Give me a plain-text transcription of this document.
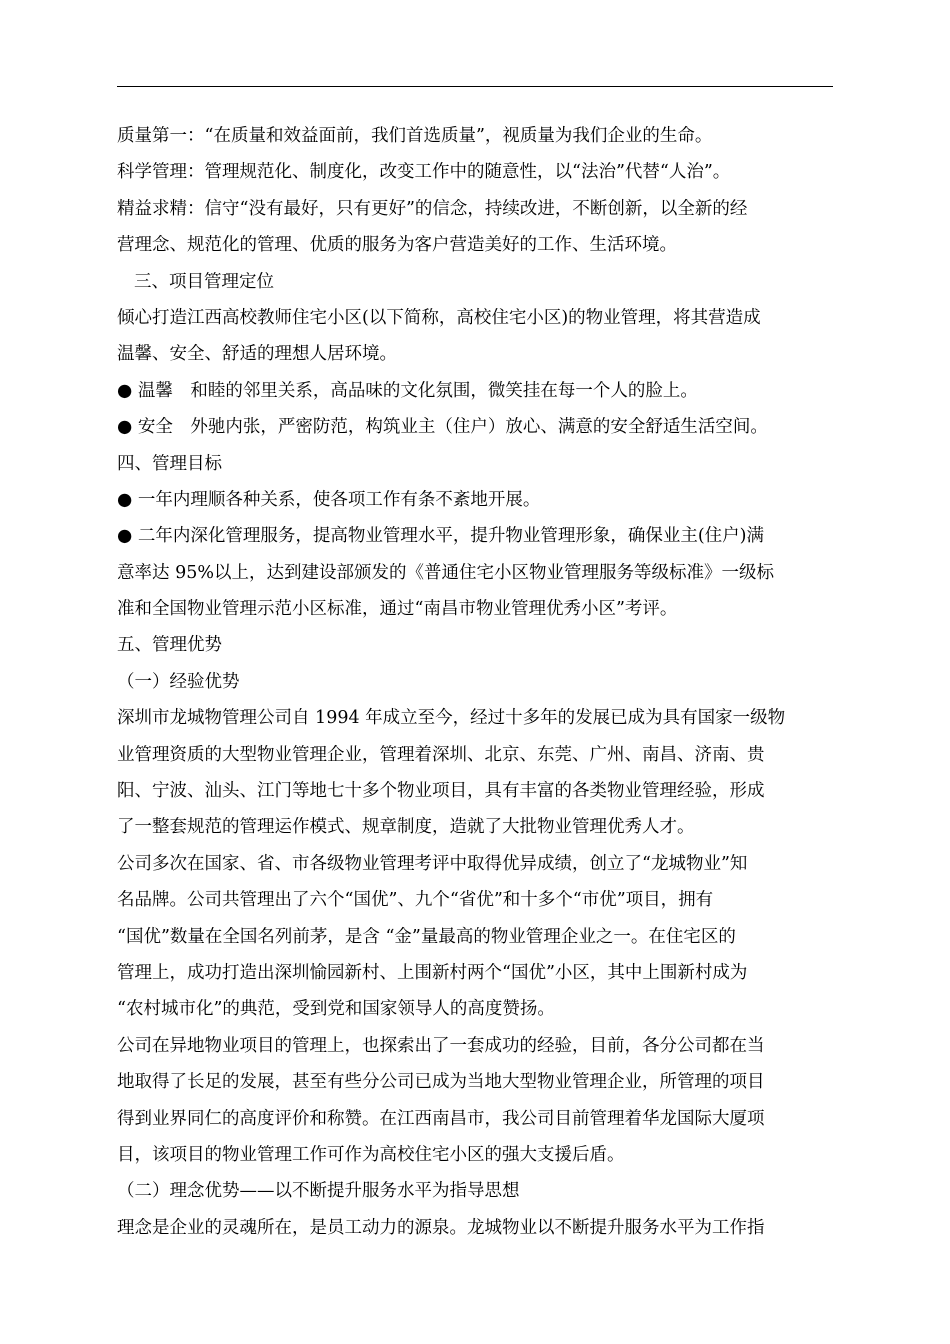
质量第一：“在质量和效益面前，我们首选质量”，视质量为我们企业的生命。
科学管理：管理规范化、制度化，改变工作中的随意性，以“法治”代替“人治”。
精益求精：信守“没有最好，只有更好”的信念，持续改进，不断创新，以全新的经
营理念、规范化的管理、优质的服务为客户营造美好的工作、生活环境。
三、项目管理定位
倾心打造江西高校教师住宅小区(以下简称，高校住宅小区)的物业管理，将其营造成
温馨、安全、舒适的理想人居环境。
● 温馨　和睦的邻里关系，高品味的文化氛围，微笑挂在每一个人的脸上。
● 安全　外驰内张，严密防范，构筑业主（住户）放心、满意的安全舒适生活空间。
四、管理目标
● 一年内理顺各种关系，使各项工作有条不紊地开展。
● 二年内深化管理服务，提高物业管理水平，提升物业管理形象，确保业主(住户)满
意率达 95%以上，达到建设部颁发的《普通住宅小区物业管理服务等级标准》一级标
准和全国物业管理示范小区标准，通过“南昌市物业管理优秀小区”考评。
五、管理优势
（一）经验优势
深圳市龙城物管理公司自 1994 年成立至今，经过十多年的发展已成为具有国家一级物
业管理资质的大型物业管理企业，管理着深圳、北京、东莞、广州、南昌、济南、贵
阳、宁波、汕头、江门等地七十多个物业项目，具有丰富的各类物业管理经验，形成
了一整套规范的管理运作模式、规章制度，造就了大批物业管理优秀人才。
公司多次在国家、省、市各级物业管理考评中取得优异成绩，创立了“龙城物业”知
名品牌。公司共管理出了六个“国优”、九个“省优”和十多个“市优”项目，拥有
“国优”数量在全国名列前茅，是含 “金”量最高的物业管理企业之一。在住宅区的
管理上，成功打造出深圳愉园新村、上围新村两个“国优”小区，其中上围新村成为
“农村城市化”的典范，受到党和国家领导人的高度赞扬。
公司在异地物业项目的管理上，也探索出了一套成功的经验，目前，各分公司都在当
地取得了长足的发展，甚至有些分公司已成为当地大型物业管理企业，所管理的项目
得到业界同仁的高度评价和称赞。在江西南昌市，我公司目前管理着华龙国际大厦项
目，该项目的物业管理工作可作为高校住宅小区的强大支援后盾。
（二）理念优势——以不断提升服务水平为指导思想
理念是企业的灵魂所在，是员工动力的源泉。龙城物业以不断提升服务水平为工作指
